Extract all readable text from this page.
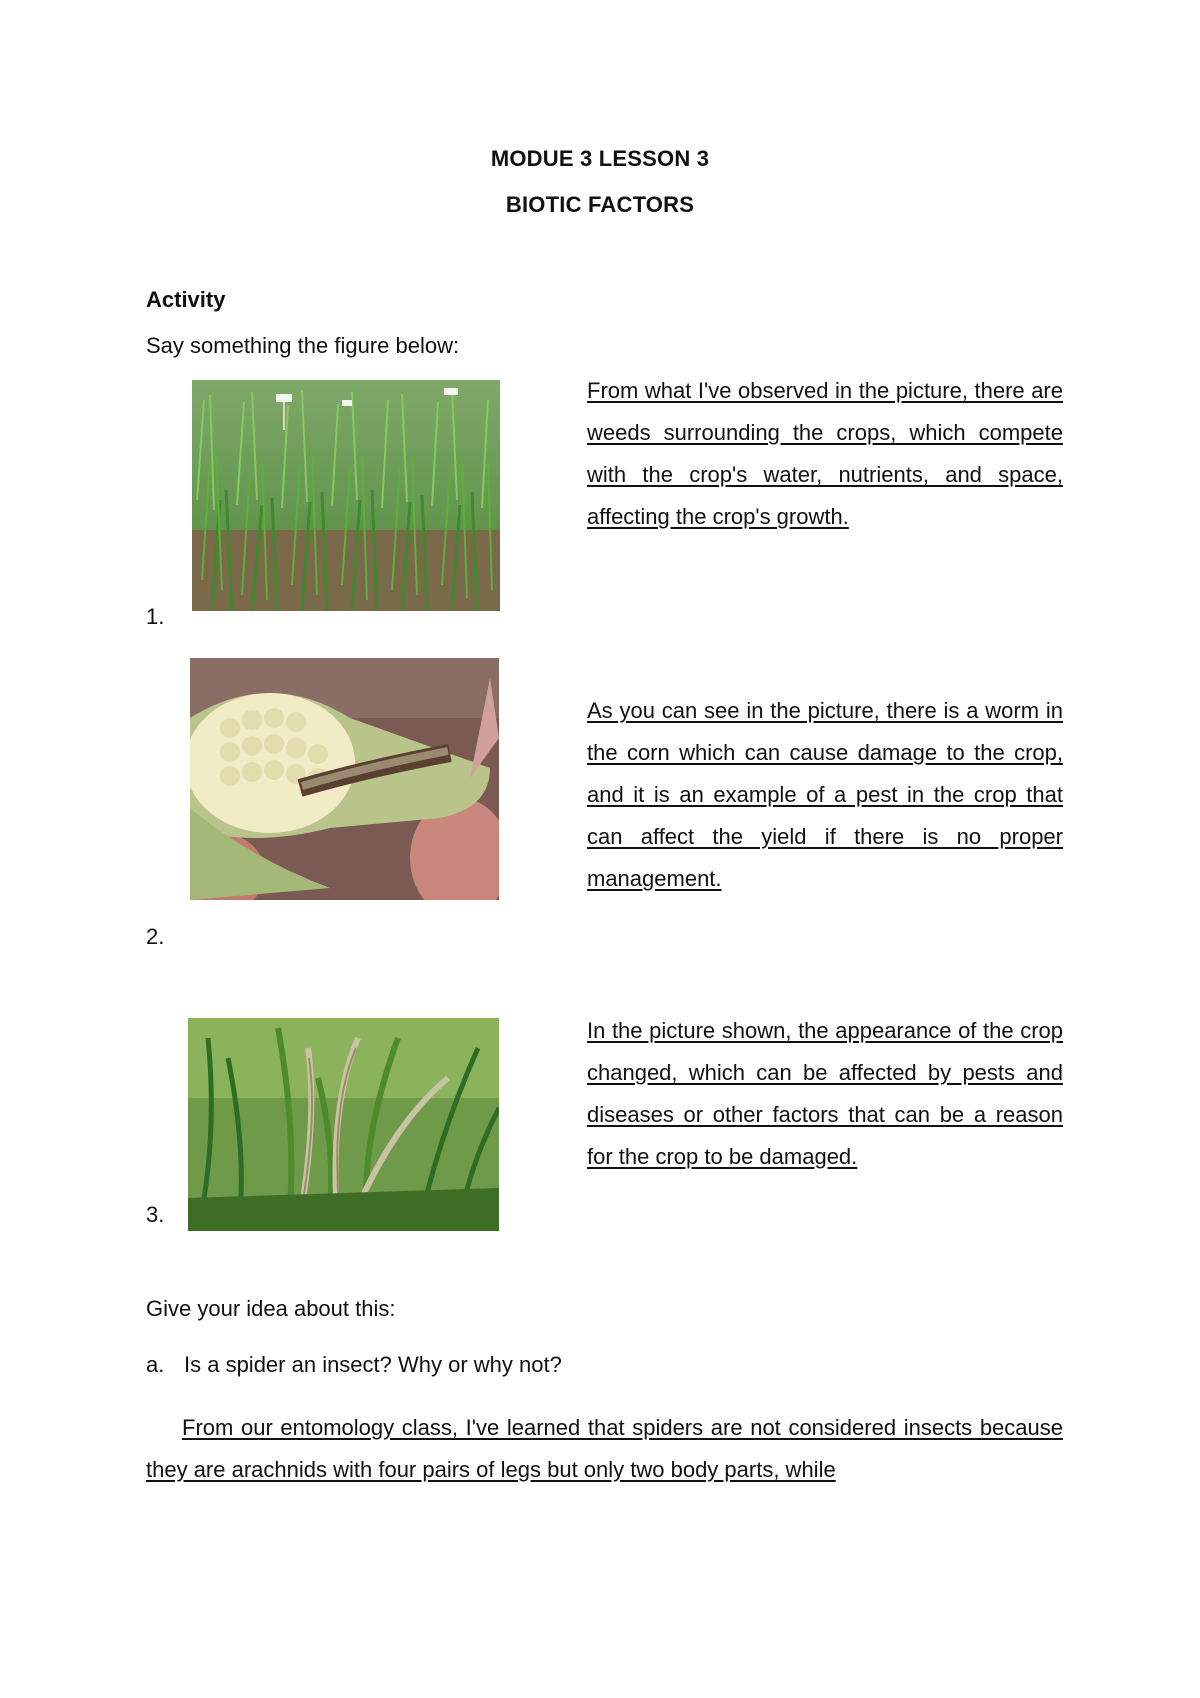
MODUE 3 LESSON 3
BIOTIC FACTORS
Activity
Say something the figure below:
1.
From what I've observed in the picture, there are weeds surrounding the crops, which compete with the crop's water, nutrients, and space, affecting the crop's growth.
2.
As you can see in the picture, there is a worm in the corn which can cause damage to the crop, and it is an example of a pest in the crop that can affect the yield if there is no proper management.
3.
In the picture shown, the appearance of the crop changed, which can be affected by pests and diseases or other factors that can be a reason for the crop to be damaged.
Give your idea about this:
a. Is a spider an insect? Why or why not?
From our entomology class, I've learned that spiders are not considered insects because they are arachnids with four pairs of legs but only two body parts, while
